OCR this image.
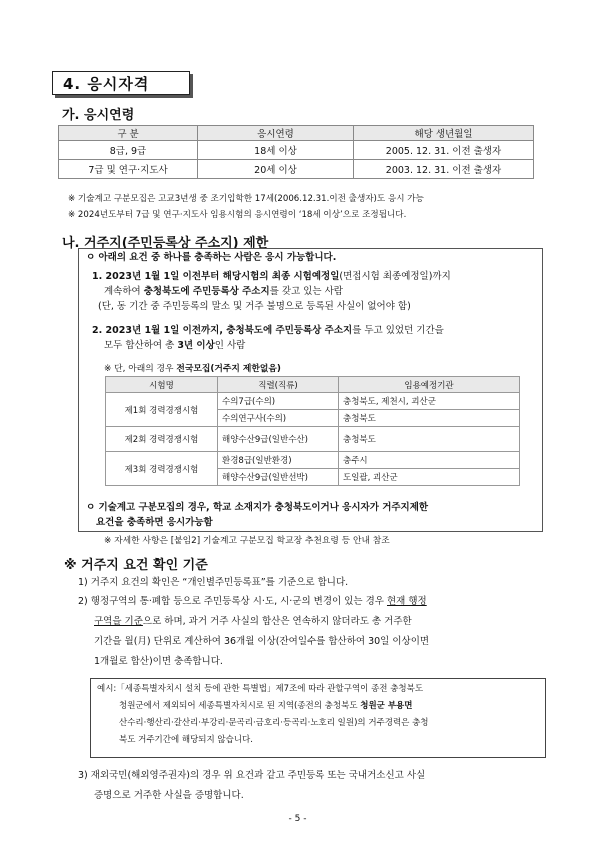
4. 응시자격
가. 응시연령
구 분	응시연령	해당 생년월일
8급, 9급	18세 이상	2005. 12. 31. 이전 출생자
7급 및 연구·지도사	20세 이상	2003. 12. 31. 이전 출생자
※ 기술계고 구분모집은 고교3년생 중 조기입학한 17세(2006.12.31.이전 출생자)도 응시 가능
※ 2024년도부터 7급 및 연구·지도사 임용시험의 응시연령이 ‘18세 이상’으로 조정됩니다.
나. 거주지(주민등록상 주소지) 제한
ㅇ 아래의 요건 중 하나를 충족하는 사람은 응시 가능합니다.
1. 2023년 1월 1일 이전부터 해당시험의 최종 시험예정일(면접시험 최종예정일)까지
계속하여 충청북도에 주민등록상 주소지를 갖고 있는 사람
(단, 동 기간 중 주민등록의 말소 및 거주 불명으로 등록된 사실이 없어야 함)
2. 2023년 1월 1일 이전까지, 충청북도에 주민등록상 주소지를 두고 있었던 기간을
모두 합산하여 총 3년 이상인 사람
※ 단, 아래의 경우 전국모집(거주지 제한없음)
시험명	직렬(직류)	임용예정기관
제1회 경력경쟁시험	수의7급(수의)	충청북도, 제천시, 괴산군
	수의연구사(수의)	충청북도
제2회 경력경쟁시험	해양수산9급(일반수산)	충청북도
제3회 경력경쟁시험	환경8급(일반환경)	충주시
	해양수산9급(일반선박)	도일괄, 괴산군
ㅇ 기술계고 구분모집의 경우, 학교 소재지가 충청북도이거나 응시자가 거주지제한
요건을 충족하면 응시가능함
※ 자세한 사항은 [붙임2] 기술계고 구분모집 학교장 추천요령 등 안내 참조
※ 거주지 요건 확인 기준
1) 거주지 요건의 확인은 “개인별주민등록표”를 기준으로 합니다.
2) 행정구역의 통·폐합 등으로 주민등록상 시·도, 시·군의 변경이 있는 경우 현재 행정
구역을 기준으로 하며, 과거 거주 사실의 합산은 연속하지 않더라도 총 거주한
기간을 월(月) 단위로 계산하여 36개월 이상(잔여일수를 합산하여 30일 이상이면
1개월로 합산)이면 충족합니다.
예시:「세종특별자치시 설치 등에 관한 특별법」제7조에 따라 관할구역이 종전 충청북도
청원군에서 제외되어 세종특별자치시로 된 지역(종전의 충청북도 청원군 부용면
산수리·행산리·갈산리·부강리·문곡리·금호리·등곡리·노호리 일원)의 거주경력은 충청
북도 거주기간에 해당되지 않습니다.
3) 재외국민(해외영주권자)의 경우 위 요건과 같고 주민등록 또는 국내거소신고 사실
증명으로 거주한 사실을 증명합니다.
- 5 -
